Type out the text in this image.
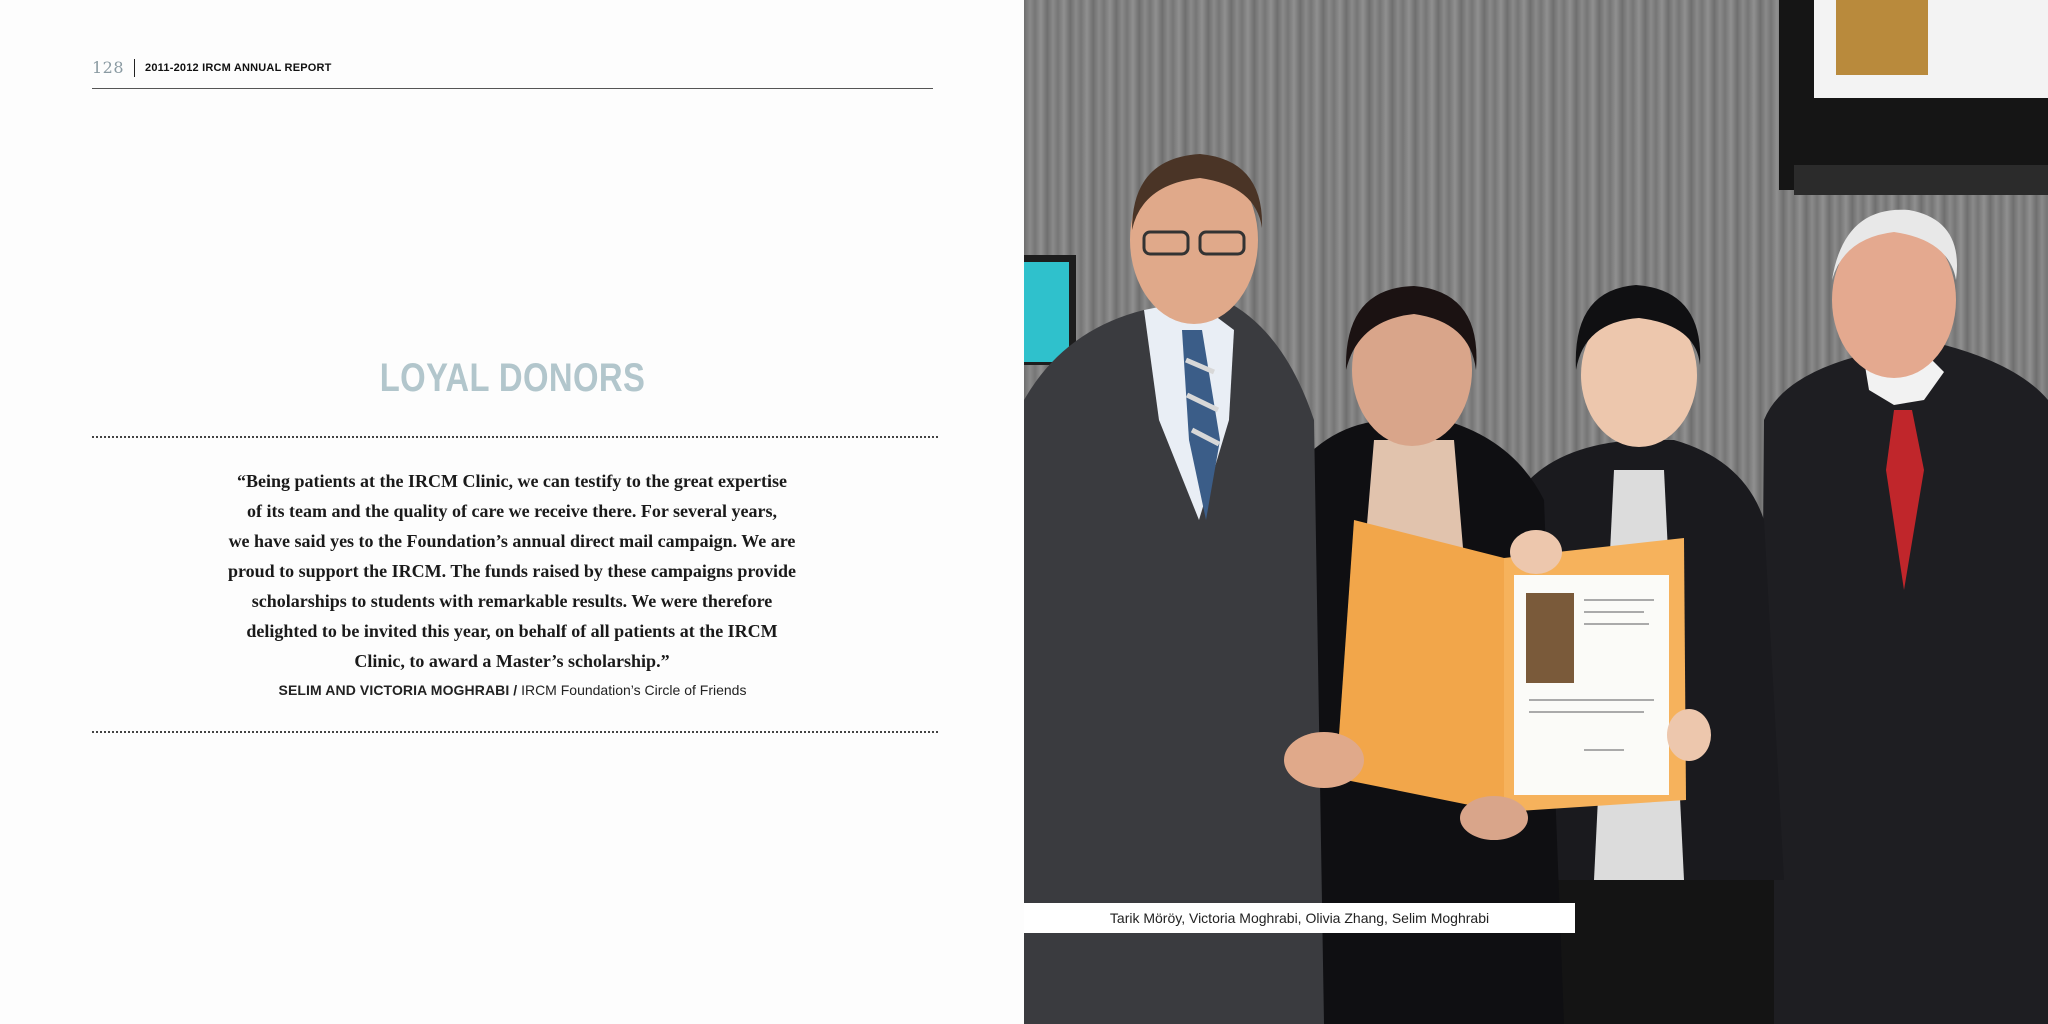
128 2011-2012 IRCM ANNUAL REPORT
LOYAL DONORS
“Being patients at the IRCM Clinic, we can testify to the great expertise
of its team and the quality of care we receive there. For several years,
we have said yes to the Foundation’s annual direct mail campaign. We are
proud to support the IRCM. The funds raised by these campaigns provide
scholarships to students with remarkable results. We were therefore
delighted to be invited this year, on behalf of all patients at the IRCM
Clinic, to award a Master’s scholarship.”
SELIM AND VICTORIA MOGHRABI / IRCM Foundation’s Circle of Friends
Tarik Möröy, Victoria Moghrabi, Olivia Zhang, Selim Moghrabi
